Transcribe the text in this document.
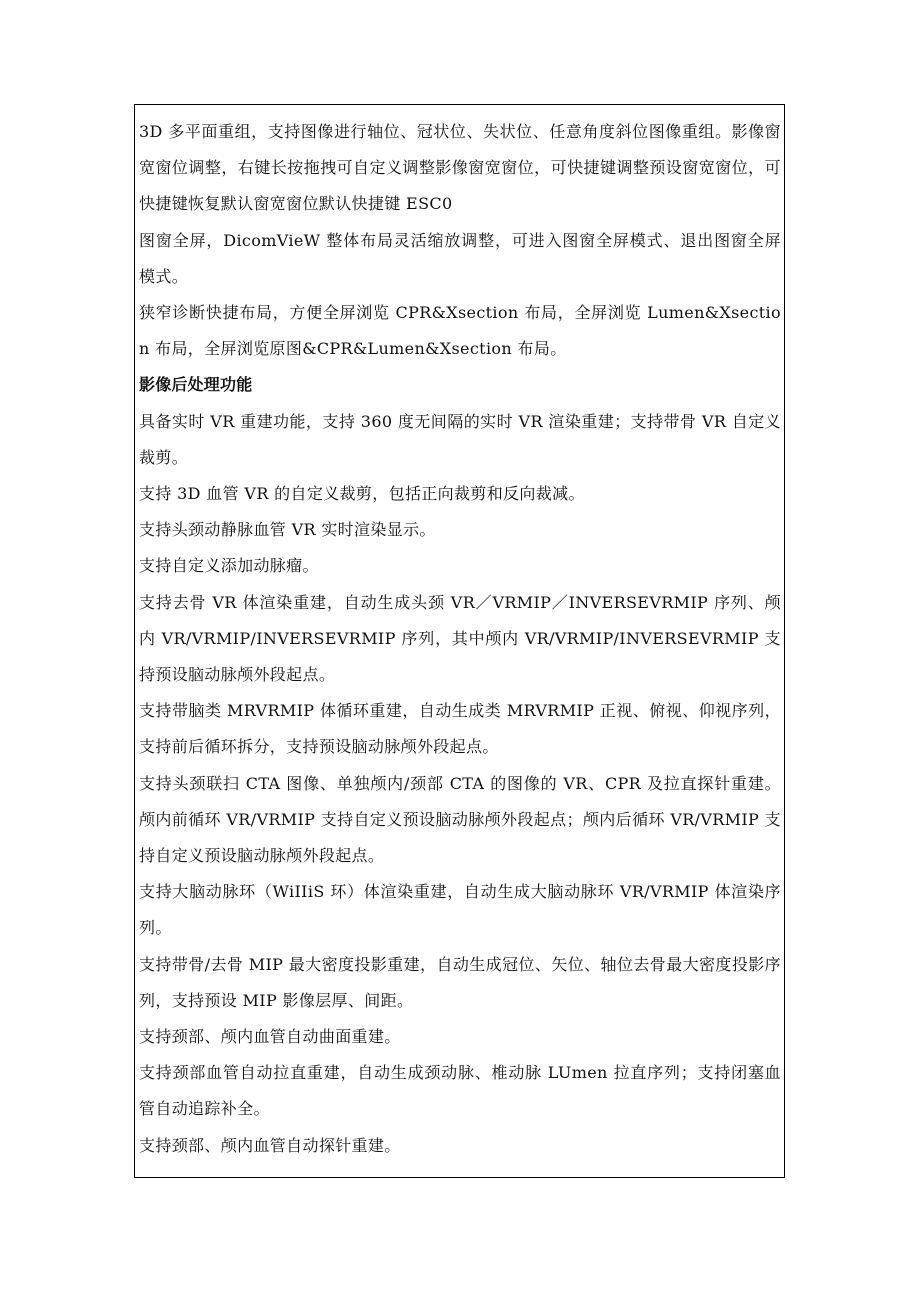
3D 多平面重组，支持图像进行轴位、冠状位、失状位、任意角度斜位图像重组。影像窗宽窗位调整，右键长按拖拽可自定义调整影像窗宽窗位，可快捷键调整预设窗宽窗位，可快捷键恢复默认窗宽窗位默认快捷键 ESC0

图窗全屏，DicomVieW 整体布局灵活缩放调整，可进入图窗全屏模式、退出图窗全屏模式。

狭窄诊断快捷布局，方便全屏浏览 CPR&Xsection 布局，全屏浏览 Lumen&Xsection 布局，全屏浏览原图&CPR&Lumen&Xsection 布局。

影像后处理功能

具备实时 VR 重建功能，支持 360 度无间隔的实时 VR 渲染重建；支持带骨 VR 自定义裁剪。

支持 3D 血管 VR 的自定义裁剪，包括正向裁剪和反向裁减。

支持头颈动静脉血管 VR 实时渲染显示。

支持自定义添加动脉瘤。

支持去骨 VR 体渲染重建，自动生成头颈 VR／VRMIP／INVERSEVRMIP 序列、颅内 VR/VRMIP/INVERSEVRMIP 序列，其中颅内 VR/VRMIP/INVERSEVRMIP 支持预设脑动脉颅外段起点。

支持带脑类 MRVRMIP 体循环重建，自动生成类 MRVRMIP 正视、俯视、仰视序列，支持前后循环拆分，支持预设脑动脉颅外段起点。

支持头颈联扫 CTA 图像、单独颅内/颈部 CTA 的图像的 VR、CPR 及拉直探针重建。颅内前循环 VR/VRMIP 支持自定义预设脑动脉颅外段起点；颅内后循环 VR/VRMIP 支持自定义预设脑动脉颅外段起点。

支持大脑动脉环（WiIIiS 环）体渲染重建，自动生成大脑动脉环 VR/VRMIP 体渲染序列。

支持带骨/去骨 MIP 最大密度投影重建，自动生成冠位、矢位、轴位去骨最大密度投影序列，支持预设 MIP 影像层厚、间距。

支持颈部、颅内血管自动曲面重建。

支持颈部血管自动拉直重建，自动生成颈动脉、椎动脉 LUmen 拉直序列；支持闭塞血管自动追踪补全。

支持颈部、颅内血管自动探针重建。
